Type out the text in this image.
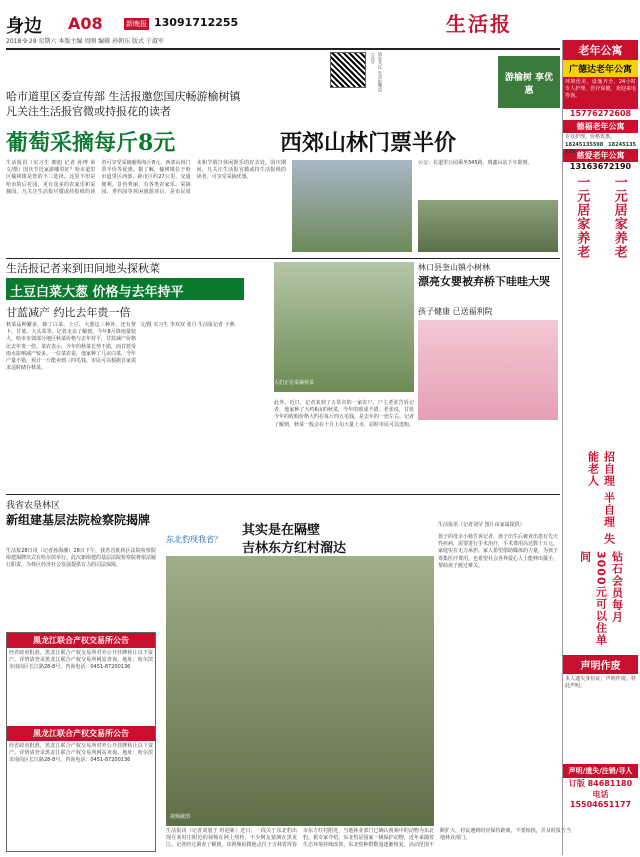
身边 A08	新晚报 13091712255
2018·9·29 星期六 本版主编 周刚 编辑 孙朝东 版式 于淑军
生活报
请您关注 生活报微信公众号
游榆树 享优惠
哈市道里区委宣传部 生活报邀您国庆畅游榆树镇
凡关注生活报官微或持报花的读者
葡萄采摘每斤8元	西郊山林门票半价
生活报讯（实习生 朝旭 记者 孙博 荣 文/摄）国庆节近家游哪里好？哈市道里区榆树镇是您的不二选择。这里不但是哈市的后花园，更有众多的农家乐和采摘园。凡关注生活报官微或持报纸的读者可享受采摘葡萄每斤8元、西郊山林门票半价等优惠。据了解，榆树镇位于哈市道里区西部，距市区约27公里，交通便利，景色秀丽，有各类农家乐、采摘园、垂钓园等休闲旅游项目，是市民周末和节假日休闲娱乐的好去处。国庆期间，凡关注生活报官微或持生活报纸的读者，可享受采摘优惠。
公交：在道里公园乘坐345路，到鑫山站下车即到。
生活报记者来到田间地头探秋菜
土豆白菜大葱 价格与去年持平
甘蓝减产 约比去年贵一倍
秋菜品种繁多，除了白菜、土豆、大葱这三种外，还有萝卜、甘蓝、大头菜等。记者走访了解到，今年8月降雨量较大，哈市市郊部分地区秋菜价格与去年持平，甘蓝减产价格比去年贵一倍。菜农表示，今年的秋菜长势不错，而甘蓝受雨水影响减产较多。一位菜农说，他家种了几亩白菜，今年产量不错，预计一斤能卖到三四毛钱。市民可以根据自家需求适时储存秋菜。
文/摄 实习生 李双双 张月 生活报记者 于燕
此外，近日，记者来到了五常市的一家农户，户主老张告诉记者，他家种了大约6亩的秋菜，今年的收成不错。老张说，甘蓝今年的收购价格大约在每斤四五毛钱，是去年的一倍左右。记者了解到，秋菜一般会在十月上旬大量上市，届时市民可以选购。
人们正在采摘秋菜
林口县奎山镇小树林
漂亮女婴被弃桥下哇哇大哭
孩子健康 已送福利院
我省农垦林区
新组建基层法院检察院揭牌
生活报28日讯（记者孙海潮）28日下午，我省首批林区法院检察院组建揭牌仪式在哈尔滨举行。此次新组建的基层法院检察院将依法履行职责，为林区经济社会发展提供有力的司法保障。
黑龙江联合产权交易所公告
经省政府批准，黑龙江联合产权交易所对外公开挂牌转让以下资产。详情请登录黑龙江联合产权交易所网站查询。地址：哈尔滨市南岗区长江路28-8号。咨询电话：0451-87200136
黑龙江联合产权交易所公告
经省政府批准，黑龙江联合产权交易所对外公开挂牌转让以下资产。详情请登录黑龙江联合产权交易所网站查询。地址：哈尔滨市南岗区长江路28-8号。咨询电话：0451-87200136
东北豹现我省？
其实是在隔壁
吉林东方红村溜达
视频截图
生活报讯（记者刘旭于 时迎新）近日，一段关于东北豹出现在某村庄附近的视频在网上热传，不少网友猜测在黑龙江。记者经过调查了解到，该视频拍摄地点位于吉林省珲春市东方红村附近，当地林业部门已确认视频中的动物为东北豹。据专家介绍，东北豹是国家一级保护动物，近年来随着生态环境持续改善，东北豹种群数量逐渐恢复，活动范围不断扩大，村民遇到时应保持距离，不要惊扰，并及时报告当地林业部门。
生活报讯（记者刘莹 图片由家属提供）
孩子的母亲小杨告诉记者，孩子出生后被查出患有先天性疾病，需要进行手术治疗，手术费用高达数十万元，家庭实在无力承担。家人希望借助媒体的力量，为孩子筹集医疗费用，也希望社会各界爱心人士能伸出援手，帮助孩子渡过难关。
老年公寓
广德达老年公寓
环境优美，设施齐全，24小时专人护理，医疗保健，欢迎来电咨询。
15776272608
德福老年公寓
专业护理，价格优惠。
18245135598 18245135588 慈爱老年公寓
13163672190
一元居家养老 一元居家养老
招自理 半自理 失能老人
钻石会员每月3000元可以住单间
声明作废
本人遗失身份证，声明作废。特此声明。
声明/遗失/注销/寻人
订版 84681180
电话 15504651177
